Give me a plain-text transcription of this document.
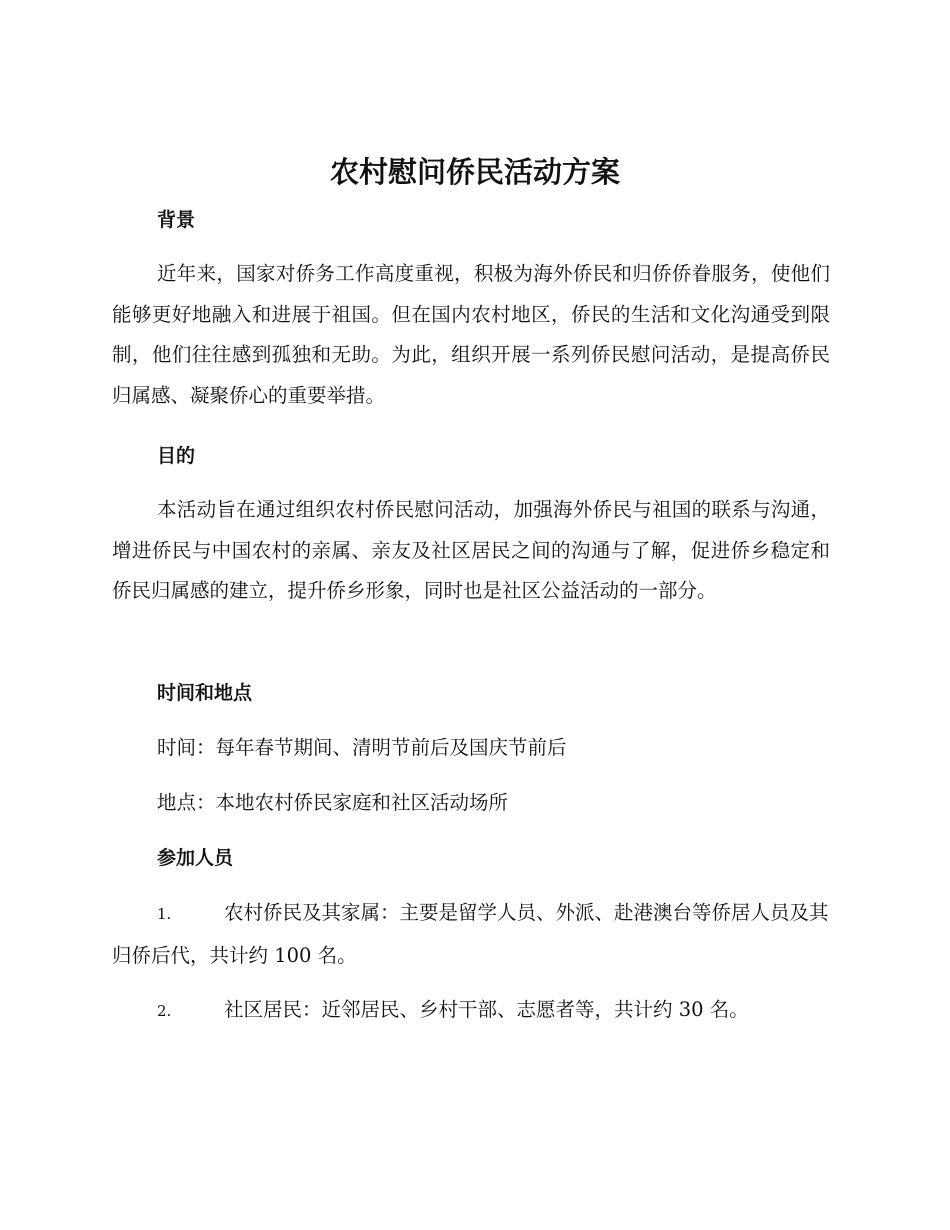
农村慰问侨民活动方案
背景

近年来，国家对侨务工作高度重视，积极为海外侨民和归侨侨眷服务，使他们能够更好地融入和进展于祖国。但在国内农村地区，侨民的生活和文化沟通受到限制，他们往往感到孤独和无助。为此，组织开展一系列侨民慰问活动，是提高侨民归属感、凝聚侨心的重要举措。

目的

本活动旨在通过组织农村侨民慰问活动，加强海外侨民与祖国的联系与沟通，增进侨民与中国农村的亲属、亲友及社区居民之间的沟通与了解，促进侨乡稳定和侨民归属感的建立，提升侨乡形象，同时也是社区公益活动的一部分。

时间和地点

时间：每年春节期间、清明节前后及国庆节前后

地点：本地农村侨民家庭和社区活动场所

参加人员

1.	农村侨民及其家属：主要是留学人员、外派、赴港澳台等侨居人员及其归侨后代，共计约 100 名。

2.	社区居民：近邻居民、乡村干部、志愿者等，共计约 30 名。
